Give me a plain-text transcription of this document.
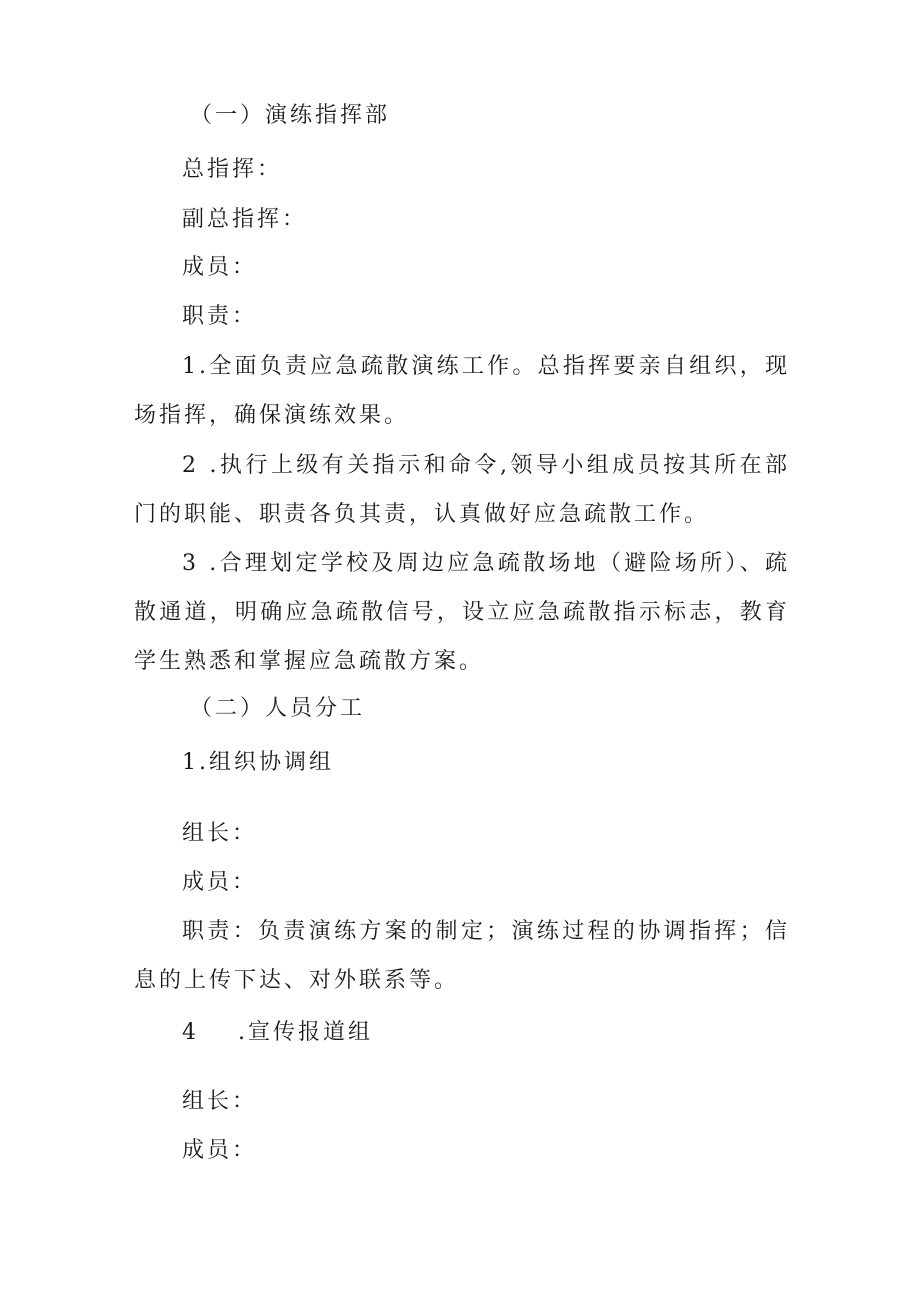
（一）演练指挥部
总指挥：
副总指挥：
成员：
职责：
1.全面负责应急疏散演练工作。总指挥要亲自组织，现场指挥，确保演练效果。
2 .执行上级有关指示和命令,领导小组成员按其所在部门的职能、职责各负其责，认真做好应急疏散工作。
3 .合理划定学校及周边应急疏散场地（避险场所）、疏散通道，明确应急疏散信号，设立应急疏散指示标志，教育学生熟悉和掌握应急疏散方案。
（二）人员分工
1.组织协调组
组长：
成员：
职责：负责演练方案的制定；演练过程的协调指挥；信息的上传下达、对外联系等。
4 .宣传报道组
组长：
成员：
